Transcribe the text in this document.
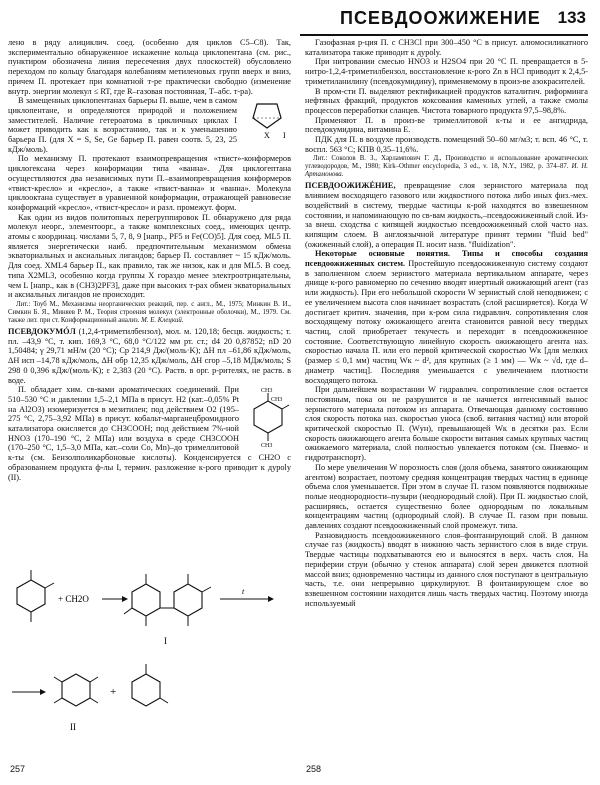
ПСЕВДООЖИЖЕНИЕ 133

лено в ряду алициклич. соед. (особенно для циклов C5–C8). Так, экспериментально обнаруженное искажение кольца циклопентана (см. рис., пунктиром обозначена линия пересечения двух плоскостей) обусловлено переходом по кольцу благодаря колебаниям метиленовых групп вверх и вниз, причем П. протекает при комнатной т-ре практически свободно (изменение внутр. энергии молекул ≤ RT, где R–газовая постоянная, T–абс. т-ра).

X I

В замещенных циклопентанах барьеры П. выше, чем в самом циклопентане, и определяются природой и положением заместителей. Наличие гетероатома в цикличных циклах I может приводить как к возрастанию, так и к уменьшению барьера П. (для X = S, Se, Ge барьер П. равен соотв. 5, 23, 25 кДж/моль).

По механизму П. протекают взаимопревращения «твист»-конформеров циклогексана через конформации типа «ванна». Для циклогептана осуществляются два независимых пути П.–взаимопревращения конформеров «твист-кресло» и «кресло», а также «твист-ванна» и «ванна». Молекула циклооктана существует в уравненной конформации, отражающей равновесие конформаций «кресло», «твист-кресло» и разл. промежут. форм.

Как один из видов политопных перегруппировок П. обнаружено для ряда молекул неорг., элементоорг., а также комплексных соед., имеющих центр. атомы с координац. числами 5, 7, 8, 9 [напр., PF5 и Fe(CO)5]. Для соед. ML5 П. является энергетически наиб. предпочтительным механизмом обмена экваториальных и аксиальных лигандов; барьер П. составляет ~ 15 кДж/моль. Для соед. XML4 барьер П., как правило, так же низок, как и для ML5. В соед. типа X2ML3, особенно когда группы X гораздо менее электроотрицательны, чем L [напр., как в (CH3)2PF3], даже при высоких т-рах обмен экваториальных и аксиальных лигандов не происходит.

Лит.: Тоуб М., Механизмы неорганических реакций, пер. с англ., М., 1975; Минкин В. И., Симкин Б. Я., Миняев Р. М., Теория строения молекул (электронные оболочки), М., 1979. См. также лит. при ст. Конформационный анализ. М. Е. Клецкий.

ПСЕВДОКУМÓЛ (1,2,4-триметилбензол), мол. м. 120,18; бесцв. жидкость; т. пл. –43,9 °С, т. кип. 169,3 °С, 68,0 °С/122 мм рт. ст.; d4 20 0,87852; nD 20 1,50484; γ 29,71 мН/м (20 °С); Cp 214,9 Дж/(моль·K); ΔH пл –61,86 кДж/моль, ΔH исп –14,78 кДж/моль, ΔH обр 12,35 кДж/моль, ΔH сгор –5,18 МДж/моль; S 298 0 0,396 кДж/(моль·K); ε 2,383 (20 °С). Раств. в орг. р-рителях, не раств. в воде.

CH3
CH3
CH3

П. обладает хим. св-вами ароматических соединений. При 510–530 °С и давлении 1,5–2,1 МПа в присут. H2 (кат.–0,05% Pt на Al2O3) изомеризуется в мезитилен; под действием O2 (195–275 °С, 2,75–3,92 МПа) в присут. кобальт-марганецбромидного катализатора окисляется до CH3COOH; под действием 7%-ной HNO3 (170–190 °С, 2 МПа) или воздуха в среде CH3COOH (170–250 °С, 1,5–3,0 МПа, кат.–соли Co, Mn)–до тримеллитовой к-ты (см. Бензолполикарбоновые кислоты). Конденсируется с CH2O с образованием продукта ф-лы I, термич. разложение к-рого приводит к дурolу (II).

+ CH2O
I
t
II
+
257

Газофазная р-ция П. с CH3Cl при 300–450 °С в присут. алюмосиликатного катализатора также приводит к дурolу.

При нитровании смесью HNO3 и H2SO4 при 20 °С П. превращается в 5-нитро-1,2,4-триметилбензол, восстановление к-рого Zn в HCl приводит к 2,4,5-триметиланилину (псевдокумидину), применяемому в произ-ве азокрасителей.

В пром-сти П. выделяют ректификацией продуктов каталитич. риформинга нефтяных фракций, продуктов коксования каменных углей, а также смолы процессов переработки сланцев. Чистота товарного продукта 97,5–98,8%.

Применяют П. в произ-ве тримеллитовой к-ты и ее ангидрида, псевдокумидина, витамина E.

ПДК для П. в воздухе производств. помещений 50–60 мг/м3; т. всп. 46 °С, т. воспл. 563 °С; КПВ 0,35–11,6%.

Лит.: Соколов В. З., Харлампович Г. Д., Производство и использование ароматических углеводородов, М., 1980; Kirk–Othmer encyclopedia, 3 ed., v. 18, N.Y., 1982, p. 374–87. И. Н. Артамонова.

ПСЕВДООЖИЖÉНИЕ, превращение слоя зернистого материала под влиянием восходящего газового или жидкостного потока либо иных физ.-мех. воздействий в систему, твердые частицы к-рой находятся во взвешенном состоянии, и напоминающую по св-вам жидкость,–псевдоожиженный слой. Из-за внеш. сходства с кипящей жидкостью псевдоожиженный слой часто наз. кипящим слоем. В англоязычной литературе принят термин "fluid bed" (ожиженный слой), а операция П. носит назв. "fluidization".

Некоторые основные понятия. Типы и способы создания псевдоожиженных систем. Простейшую псевдоожиженную систему создают в заполненном слоем зернистого материала вертикальном аппарате, через днище к-рого равномерно по сечению вводят инертный ожижающий агент (газ или жидкость). При его небольшой скорости W зернистый слой неподвижен; с ее увеличением высота слоя начинает возрастать (слой расширяется). Когда W достигает критич. значения, при к-ром сила гидравлич. сопротивления слоя восходящему потоку ожижающего агента становится равной весу твердых частиц, слой приобретает текучесть и переходит в псевдоожиженное состояние. Соответствующую линейную скорость ожижающего агента наз. скоростью начала П. или его первой критической скоростью Wк [для мелких (размер ≤ 0,1 мм) частиц Wк ~ d², для крупных (≥ 1 мм) — Wк ~ √d, где d–диаметр частиц]. Последняя уменьшается с увеличением плотности восходящего потока.

При дальнейшем возрастании W гидравлич. сопротивление слоя остается постоянным, пока он не разрушится и не начнется интенсивный вынос зернистого материала потоком из аппарата. Отвечающая данному состоянию слоя скорость потока наз. скоростью уноса (своб. витания частиц) или второй критической скоростью П. (Wун), превышающей Wк в десятки раз. Если скорость ожижающего агента больше скорости витания самых крупных частиц ожижаемого материала, слой полностью увлекается потоком (см. Пневмо- и гидротранспорт).

По мере увеличения W порозность слоя (доля объема, занятого ожижающим агентом) возрастает, поэтому средняя концентрация твердых частиц в единице объема слоя уменьшается. При этом в случае П. газом появляются подвижные полые неоднородности–пузыри (неоднородный слой). При П. жидкостью слой, расширяясь, остается существенно более однородным по локальным концентрациям частиц (однородный слой). В случае П. газом при повыш. давлениях создают псевдоожиженный слой промежут. типа.

Разновидность псевдоожиженного слоя–фонтанирующий слой. В данном случае газ (жидкость) вводят в нижнюю часть зернистого слоя в виде струи. Твердые частицы подхватываются ею и выносятся в верх. часть слоя. На периферии струи (обычно у стенок аппарата) слой зерен движется плотной массой вниз; одновременно частицы из данного слоя поступают в центральную часть, т.е. они непрерывно циркулируют. В фонтанирующем слое во взвешенном состоянии находится лишь часть твердых частиц. Поэтому иногда используемый

258
